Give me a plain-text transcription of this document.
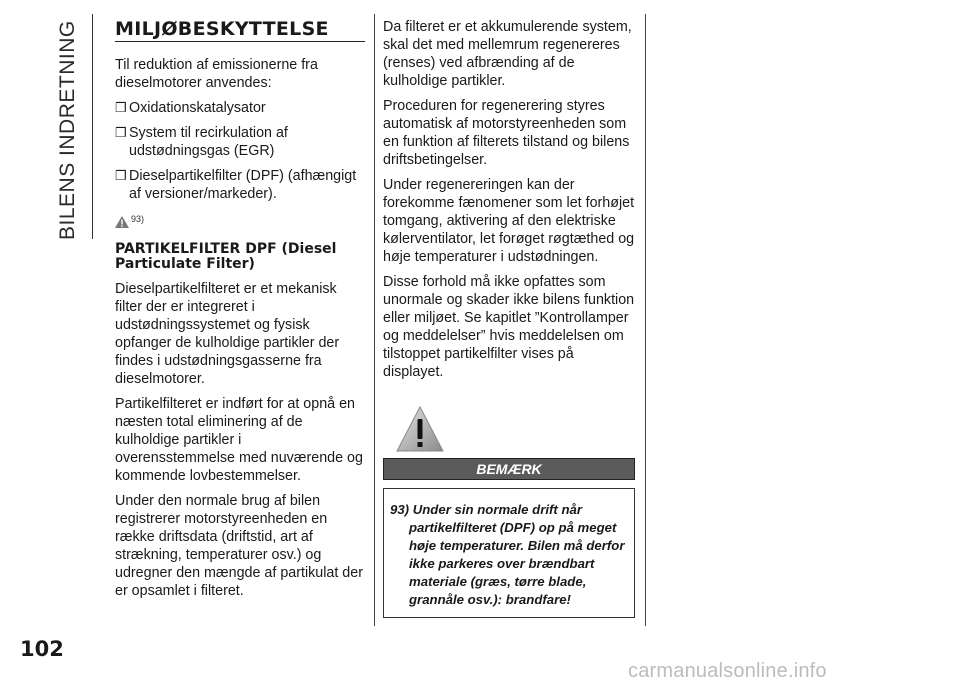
BILENS INDRETNING MILJØBESKYTTELSE

Til reduktion af emissionerne fra dieselmotorer anvendes:

❒ Oxidationskatalysator
❒ System til recirkulation af udstødningsgas (EGR)
❒ Dieselpartikelfilter (DPF) (afhængigt af versioner/markeder).
93)
PARTIKELFILTER DPF (Diesel Particulate Filter)

Dieselpartikelfilteret er et mekanisk filter der er integreret i udstødningssystemet og fysisk opfanger de kulholdige partikler der findes i udstødningsgasserne fra dieselmotorer.

Partikelfilteret er indført for at opnå en næsten total eliminering af de kulholdige partikler i overensstemmelse med nuværende og kommende lovbestemmelser.

Under den normale brug af bilen registrerer motorstyreenheden en række driftsdata (driftstid, art af strækning, temperaturer osv.) og udregner den mængde af partikulat der er opsamlet i filteret.

Da filteret er et akkumulerende system, skal det med mellemrum regenereres (renses) ved afbrænding af de kulholdige partikler.

Proceduren for regenerering styres automatisk af motorstyreenheden som en funktion af filterets tilstand og bilens driftsbetingelser.

Under regenereringen kan der forekomme fænomener som let forhøjet tomgang, aktivering af den elektriske kølerventilator, let forøget røgtæthed og høje temperaturer i udstødningen.

Disse forhold må ikke opfattes som unormale og skader ikke bilens funktion eller miljøet. Se kapitlet ”Kontrollamper og meddelelser” hvis meddelelsen om tilstoppet partikelfilter vises på displayet.

BEMÆRK
93) Under sin normale drift når partikelfilteret (DPF) op på meget høje temperaturer. Bilen må derfor ikke parkeres over brændbart materiale (græs, tørre blade, grannåle osv.): brandfare!
102
carmanualsonline.info
